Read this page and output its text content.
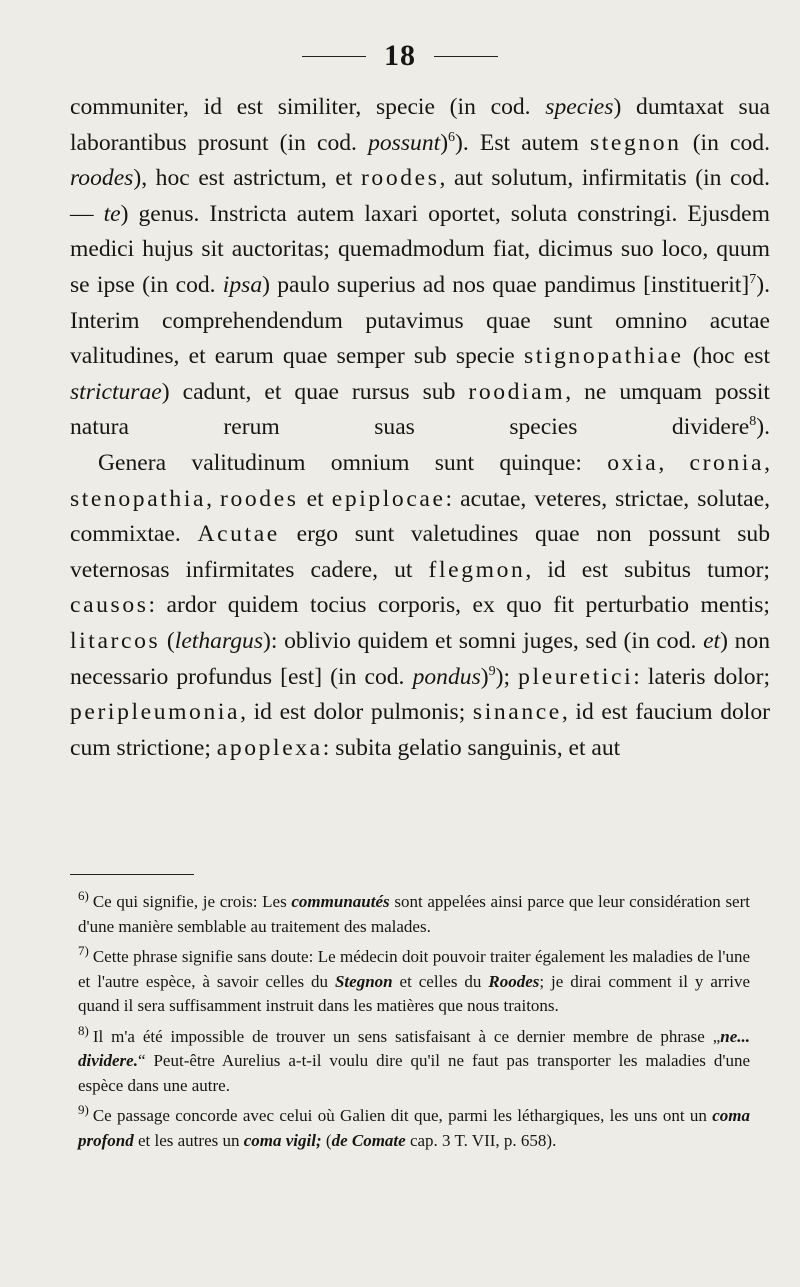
18

communiter, id est similiter, specie (in cod. species) dumtaxat sua laborantibus prosunt (in cod. possunt)$^6$). Est autem stegnon (in cod. roodes), hoc est astrictum, et roodes, aut solutum, infirmitatis (in cod. — te) genus. Instricta autem laxari oportet, soluta constringi. Ejusdem medici hujus sit auctoritas; quemadmodum fiat, dicimus suo loco, quum se ipse (in cod. ipsa) paulo superius ad nos quae pandimus [instituerit]$^7$). Interim comprehendendum putavimus quae sunt omnino acutae valitudines, et earum quae semper sub specie stignopathiae (hoc est stricturae) cadunt, et quae rursus sub roodiam, ne umquam possit natura rerum suas species dividere$^8$).

Genera valitudinum omnium sunt quinque: oxia, cronia, stenopathia, roodes et epiplocae: acutae, veteres, strictae, solutae, commixtae. Acutae ergo sunt valetudines quae non possunt sub veternosas infirmitates cadere, ut flegmon, id est subitus tumor; causos: ardor quidem tocius corporis, ex quo fit perturbatio mentis; litarcos (lethargus): oblivio quidem et somni juges, sed (in cod. et) non necessario profundus [est] (in cod. pondus)$^9$); pleuretici: lateris dolor; peripleumonia, id est dolor pulmonis; sinance, id est faucium dolor cum strictione; apoplexa: subita gelatio sanguinis, et aut

$^{6)}$ Ce qui signifie, je crois: Les communautés sont appelées ainsi parce que leur considération sert d'une manière semblable au traitement des malades.

$^{7)}$ Cette phrase signifie sans doute: Le médecin doit pouvoir traiter également les maladies de l'une et l'autre espèce, à savoir celles du Stegnon et celles du Roodes; je dirai comment il y arrive quand il sera suffisamment instruit dans les matières que nous traitons.

$^{8)}$ Il m'a été impossible de trouver un sens satisfaisant à ce dernier membre de phrase „ne... dividere.“ Peut-être Aurelius a-t-il voulu dire qu'il ne faut pas transporter les maladies d'une espèce dans une autre.

$^{9)}$ Ce passage concorde avec celui où Galien dit que, parmi les léthargiques, les uns ont un coma profond et les autres un coma vigil; (de Comate cap. 3 T. VII, p. 658).
